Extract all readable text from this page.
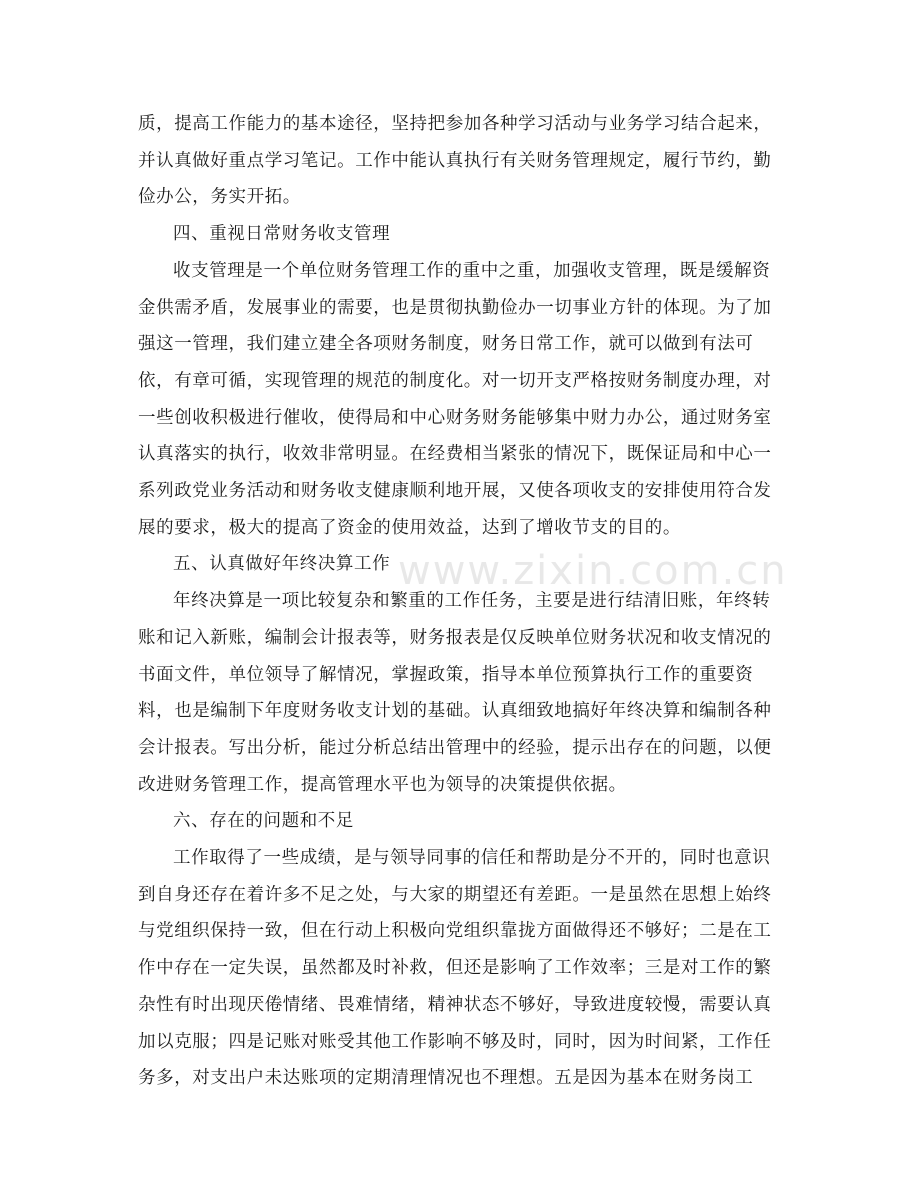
质，提高工作能力的基本途径，坚持把参加各种学习活动与业务学习结合起来，
并认真做好重点学习笔记。工作中能认真执行有关财务管理规定，履行节约，勤
俭办公，务实开拓。
四、重视日常财务收支管理
收支管理是一个单位财务管理工作的重中之重，加强收支管理，既是缓解资
金供需矛盾，发展事业的需要，也是贯彻执勤俭办一切事业方针的体现。为了加
强这一管理，我们建立建全各项财务制度，财务日常工作，就可以做到有法可
依，有章可循，实现管理的规范的制度化。对一切开支严格按财务制度办理，对
一些创收积极进行催收，使得局和中心财务财务能够集中财力办公，通过财务室
认真落实的执行，收效非常明显。在经费相当紧张的情况下，既保证局和中心一
系列政党业务活动和财务收支健康顺利地开展，又使各项收支的安排使用符合发
展的要求，极大的提高了资金的使用效益，达到了增收节支的目的。
五、认真做好年终决算工作
年终决算是一项比较复杂和繁重的工作任务，主要是进行结清旧账，年终转
账和记入新账，编制会计报表等，财务报表是仅反映单位财务状况和收支情况的
书面文件，单位领导了解情况，掌握政策，指导本单位预算执行工作的重要资
料，也是编制下年度财务收支计划的基础。认真细致地搞好年终决算和编制各种
会计报表。写出分析，能过分析总结出管理中的经验，提示出存在的问题，以便
改进财务管理工作，提高管理水平也为领导的决策提供依据。
六、存在的问题和不足
工作取得了一些成绩，是与领导同事的信任和帮助是分不开的，同时也意识
到自身还存在着许多不足之处，与大家的期望还有差距。一是虽然在思想上始终
与党组织保持一致，但在行动上积极向党组织靠拢方面做得还不够好；二是在工
作中存在一定失误，虽然都及时补救，但还是影响了工作效率；三是对工作的繁
杂性有时出现厌倦情绪、畏难情绪，精神状态不够好，导致进度较慢，需要认真
加以克服；四是记账对账受其他工作影响不够及时，同时，因为时间紧，工作任
务多，对支出户未达账项的定期清理情况也不理想。五是因为基本在财务岗工
www.zixin.com.cn
